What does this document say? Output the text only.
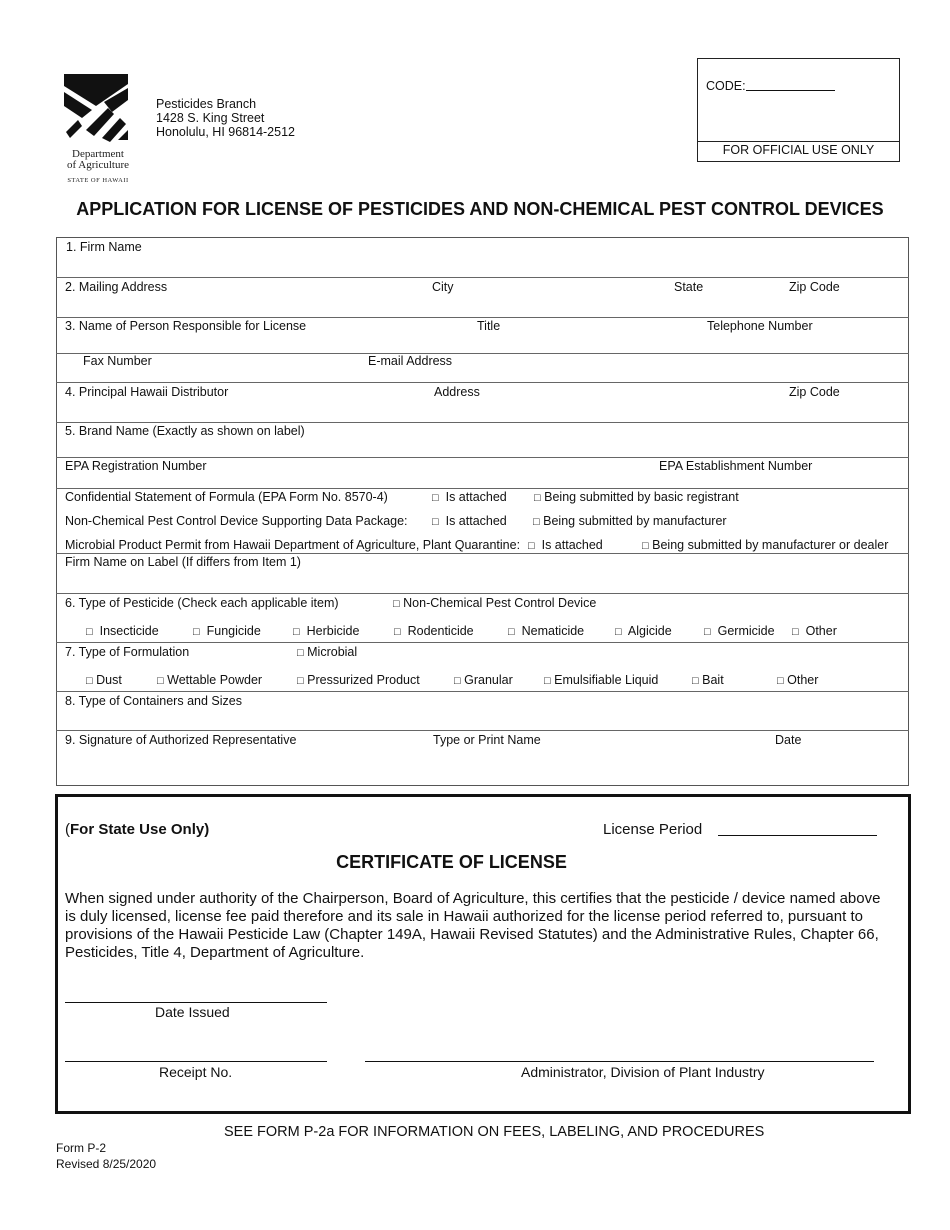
Department
of Agriculture
STATE OF HAWAII
Pesticides Branch
1428 S. King Street
Honolulu, HI 96814-2512
CODE:
FOR OFFICIAL USE ONLY
APPLICATION FOR LICENSE OF PESTICIDES AND NON-CHEMICAL PEST CONTROL DEVICES
1. Firm Name
2. Mailing Address	City	State	Zip Code
3. Name of Person Responsible for License	Title	Telephone Number
Fax Number	E-mail Address
4. Principal Hawaii Distributor	Address	Zip Code
5. Brand Name (Exactly as shown on label)
EPA Registration Number	EPA Establishment Number
Confidential Statement of Formula (EPA Form No. 8570-4)	□ Is attached □ Being submitted by basic registrant
Non-Chemical Pest Control Device Supporting Data Package: □ Is attached □ Being submitted by manufacturer
Microbial Product Permit from Hawaii Department of Agriculture, Plant Quarantine: □ Is attached	□ Being submitted by manufacturer or dealer
Firm Name on Label (If differs from Item 1)
6. Type of Pesticide (Check each applicable item)	□ Non-Chemical Pest Control Device
□ Insecticide	□ Fungicide	□ Herbicide	□ Rodenticide	□ Nematicide	□ Algicide	□ Germicide □ Other
7. Type of Formulation	□ Microbial
□ Dust	□ Wettable Powder	□ Pressurized Product	□ Granular	□ Emulsifiable Liquid	□ Bait	□ Other
8. Type of Containers and Sizes
9. Signature of Authorized Representative	Type or Print Name	Date
(For State Use Only)	License Period
CERTIFICATE OF LICENSE
When signed under authority of the Chairperson, Board of Agriculture, this certifies that the pesticide / device named above is duly licensed, license fee paid therefore and its sale in Hawaii authorized for the license period referred to, pursuant to provisions of the Hawaii Pesticide Law (Chapter 149A, Hawaii Revised Statutes) and the Administrative Rules, Chapter 66, Pesticides, Title 4, Department of Agriculture.
Date Issued
Receipt No.	Administrator, Division of Plant Industry
SEE FORM P-2a FOR INFORMATION ON FEES, LABELING, AND PROCEDURES
Form P-2
Revised 8/25/2020
